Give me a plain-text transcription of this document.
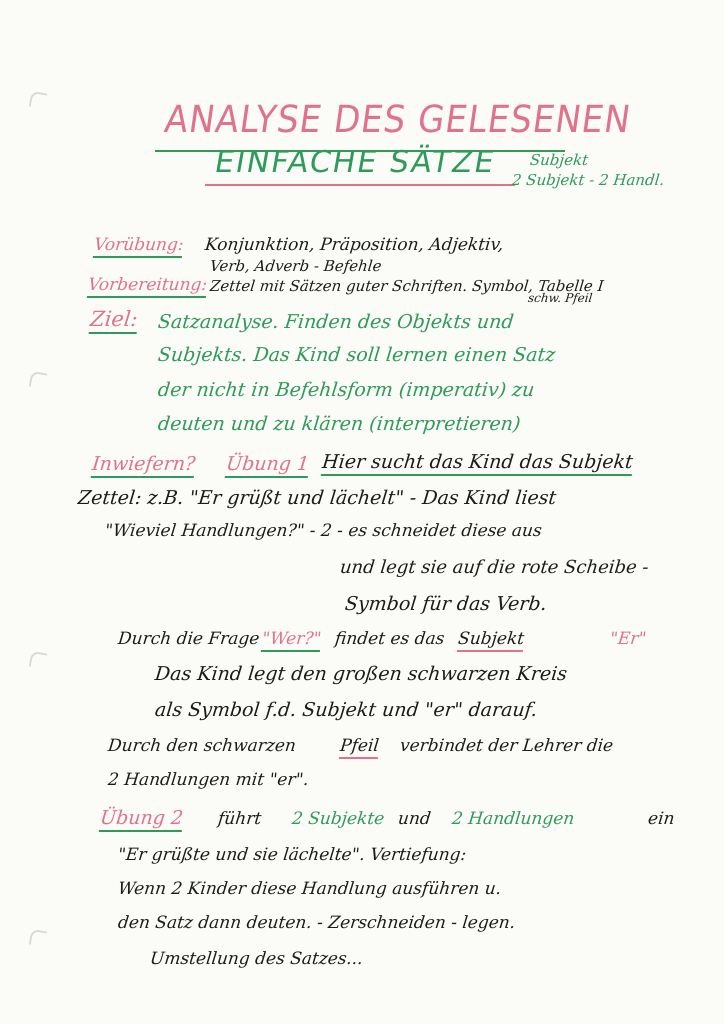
ANALYSE DES GELESENEN
EINFACHE SÄTZE Subjekt
2 Subjekt - 2 Handl.
Vorübung: Konjunktion, Präposition, Adjektiv,
Verb, Adverb - Befehle
Vorbereitung: Zettel mit Sätzen guter Schriften. Symbol, Tabelle I
schw. Pfeil
Ziel: Satzanalyse. Finden des Objekts und
Subjekts. Das Kind soll lernen einen Satz
der nicht in Befehlsform (imperativ) zu
deuten und zu klären (interpretieren)
Inwiefern? Übung 1 Hier sucht das Kind das Subjekt
Zettel: z.B. "Er grüßt und lächelt" - Das Kind liest
"Wieviel Handlungen?" - 2 - es schneidet diese aus
und legt sie auf die rote Scheibe -
Symbol für das Verb.
Durch die Frage "Wer?" findet es das Subjekt	"Er"
Das Kind legt den großen schwarzen Kreis
als Symbol f.d. Subjekt und "er" darauf.
Durch den schwarzen Pfeil verbindet der Lehrer die
2 Handlungen mit "er".
Übung 2 führt 2 Subjekte und 2 Handlungen	ein
"Er grüßte und sie lächelte". Vertiefung:
Wenn 2 Kinder diese Handlung ausführen u.
den Satz dann deuten. - Zerschneiden - legen.
Umstellung des Satzes...
